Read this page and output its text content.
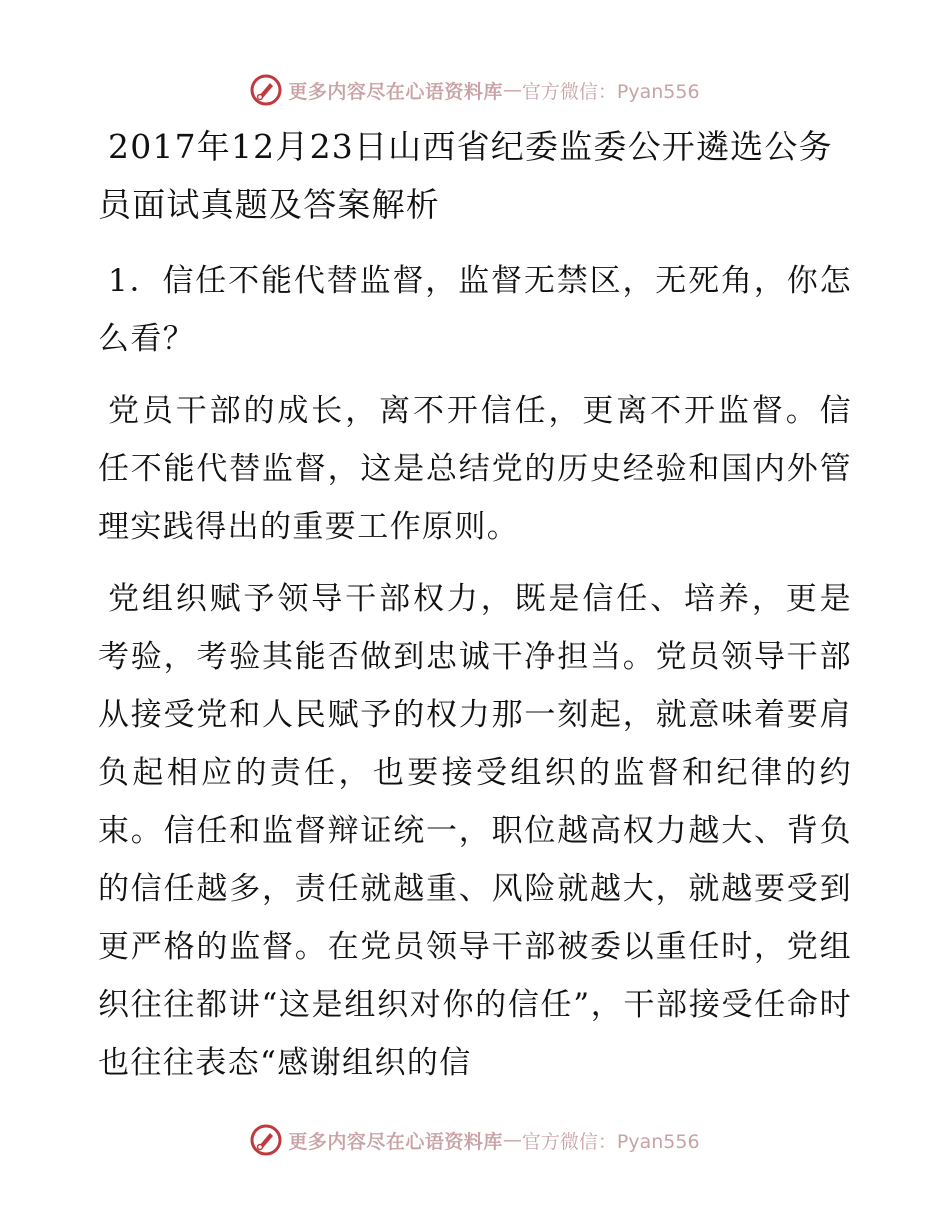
更多内容尽在心语资料库 — 官方微信：Pyan556
2017年12月23日山西省纪委监委公开遴选公务员面试真题及答案解析

1．信任不能代替监督，监督无禁区，无死角，你怎么看？

党员干部的成长，离不开信任，更离不开监督。信任不能代替监督，这是总结党的历史经验和国内外管理实践得出的重要工作原则。

党组织赋予领导干部权力，既是信任、培养，更是考验，考验其能否做到忠诚干净担当。党员领导干部从接受党和人民赋予的权力那一刻起，就意味着要肩负起相应的责任，也要接受组织的监督和纪律的约束。信任和监督辩证统一，职位越高权力越大、背负的信任越多，责任就越重、风险就越大，就越要受到更严格的监督。在党员领导干部被委以重任时，党组织往往都讲“这是组织对你的信任”，干部接受任命时也往往表态“感谢组织的信

更多内容尽在心语资料库 — 官方微信：Pyan556
